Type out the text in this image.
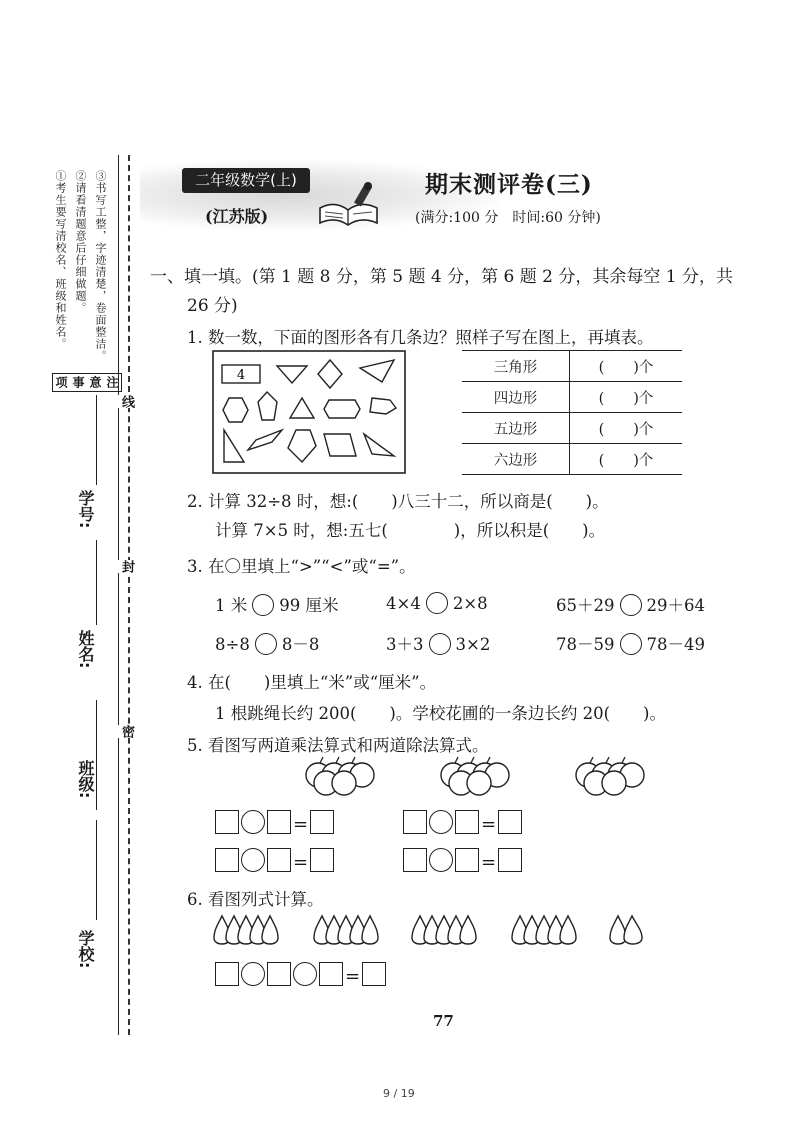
注意事项
①考生要写清校名、班级和姓名。 ②请看清题意后仔细做题。 ③书写工整，字迹清楚，卷面整洁。
学校:
班级:
姓名:
学号:
线
封
密
二年级数学(上)
(江苏版)
期末测评卷(三)
(满分:100 分　时间:60 分钟)
一、填一填。(第 1 题 8 分，第 5 题 4 分，第 6 题 2 分，其余每空 1 分，共
26 分)
1. 数一数，下面的图形各有几条边？照样子写在图上，再填表。
4	三角形	(　　)个
四边形	(　　)个
五边形	(　　)个
六边形	(　　)个
2. 计算 32÷8 时，想:(　　)八三十二，所以商是(　　)。
计算 7×5 时，想:五七(　　　　)，所以积是(　　)。
3. 在〇里填上“>”“<”或“=”。
1 米 99 厘米	4×4 2×8	65＋29 29＋64
8÷8 8－8	3＋3 3×2	78－59 78－49
4. 在(　　)里填上“米”或“厘米”。
1 根跳绳长约 200(　　)。学校花圃的一条边长约 20(　　)。
5. 看图写两道乘法算式和两道除法算式。
=	=
=	=
6. 看图列式计算。
=
77
9 / 19
